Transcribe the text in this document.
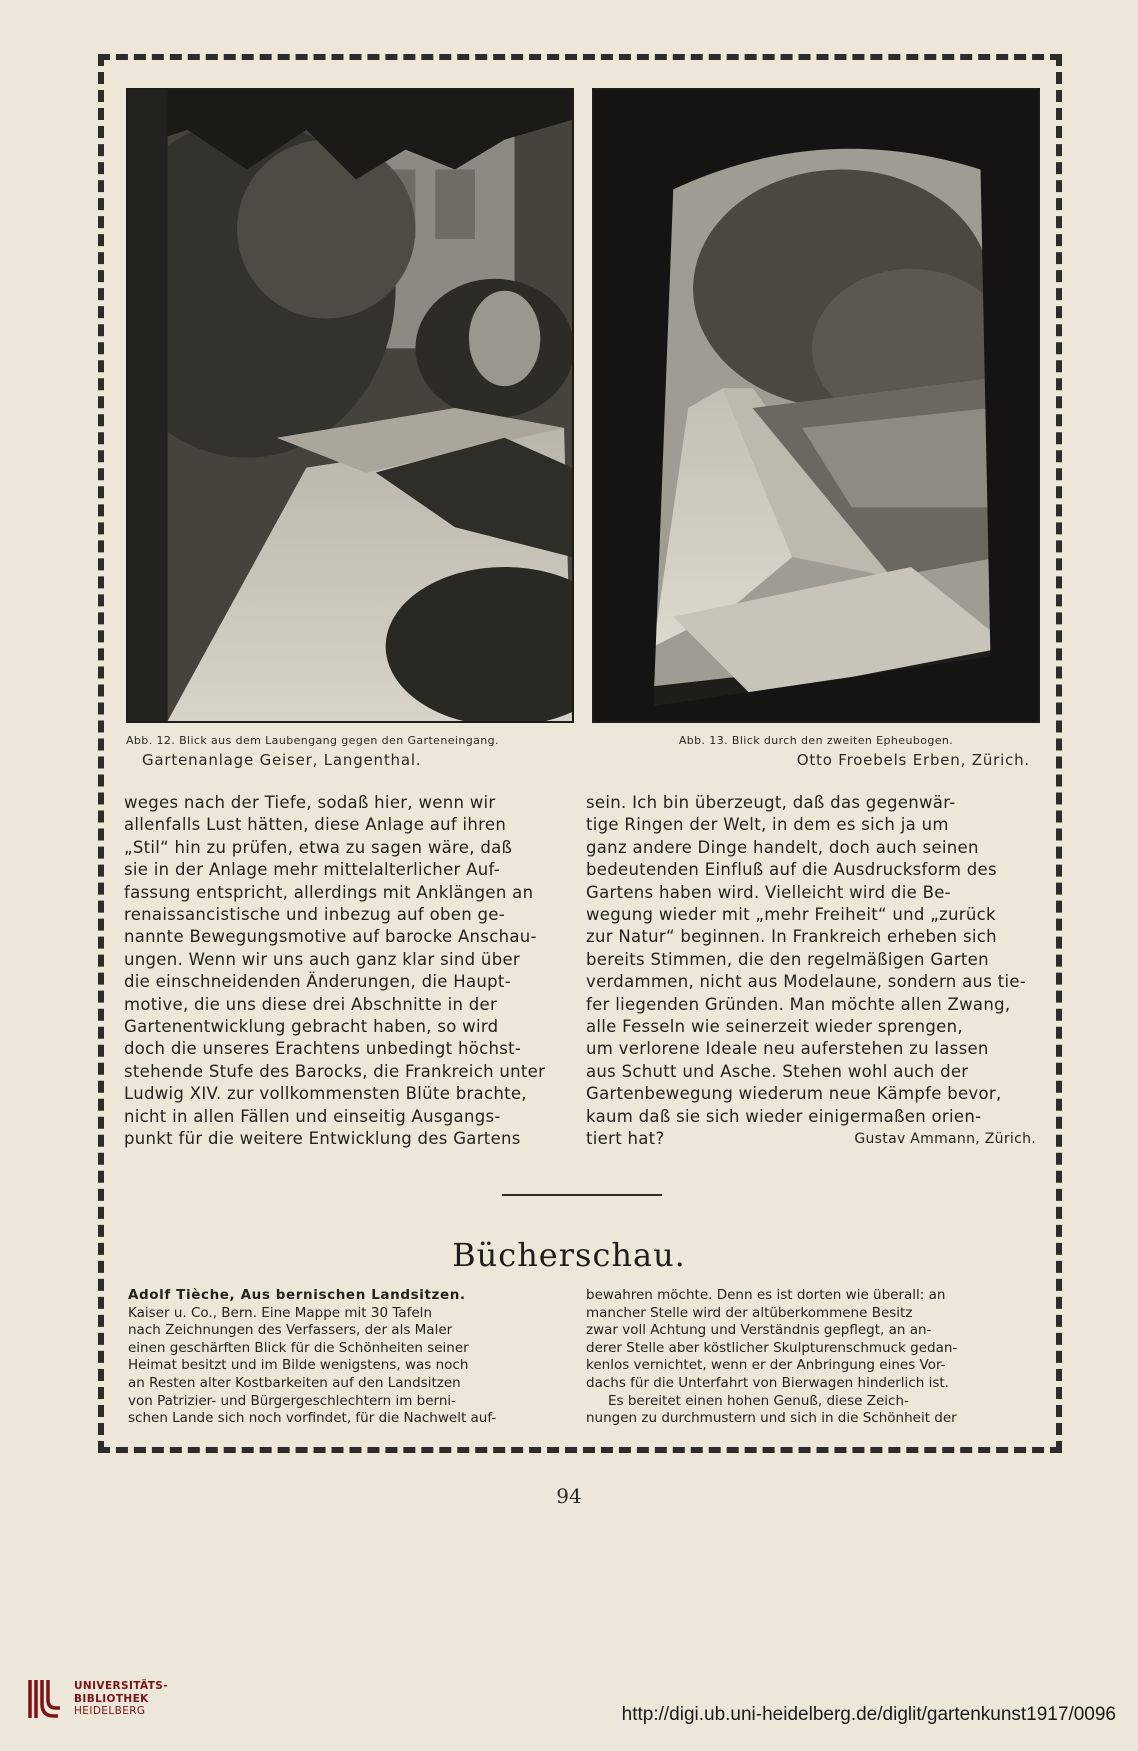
Abb. 12. Blick aus dem Laubengang gegen den Garteneingang.
Gartenanlage Geiser, Langenthal.
Abb. 13. Blick durch den zweiten Epheubogen.
Otto Froebels Erben, Zürich.

weges nach der Tiefe, sodaß hier, wenn wir

allenfalls Lust hätten, diese Anlage auf ihren

„Stil“ hin zu prüfen, etwa zu sagen wäre, daß

sie in der Anlage mehr mittelalterlicher Auf-

fassung entspricht, allerdings mit Anklängen an

renaissancistische und inbezug auf oben ge-

nannte Bewegungsmotive auf barocke Anschau-

ungen. Wenn wir uns auch ganz klar sind über

die einschneidenden Änderungen, die Haupt-

motive, die uns diese drei Abschnitte in der

Gartenentwicklung gebracht haben, so wird

doch die unseres Erachtens unbedingt höchst-

stehende Stufe des Barocks, die Frankreich unter

Ludwig XIV. zur vollkommensten Blüte brachte,

nicht in allen Fällen und einseitig Ausgangs-

punkt für die weitere Entwicklung des Gartens

sein. Ich bin überzeugt, daß das gegenwär-

tige Ringen der Welt, in dem es sich ja um

ganz andere Dinge handelt, doch auch seinen

bedeutenden Einfluß auf die Ausdrucksform des

Gartens haben wird. Vielleicht wird die Be-

wegung wieder mit „mehr Freiheit“ und „zurück

zur Natur“ beginnen. In Frankreich erheben sich

bereits Stimmen, die den regelmäßigen Garten

verdammen, nicht aus Modelaune, sondern aus tie-

fer liegenden Gründen. Man möchte allen Zwang,

alle Fesseln wie seinerzeit wieder sprengen,

um verlorene Ideale neu auferstehen zu lassen

aus Schutt und Asche. Stehen wohl auch der

Gartenbewegung wiederum neue Kämpfe bevor,

kaum daß sie sich wieder einigermaßen orien-

tiert hat?	Gustav Ammann, Zürich.
Bücherschau.

Adolf Tièche, Aus bernischen Landsitzen.

Kaiser u. Co., Bern. Eine Mappe mit 30 Tafeln

nach Zeichnungen des Verfassers, der als Maler

einen geschärften Blick für die Schönheiten seiner

Heimat besitzt und im Bilde wenigstens, was noch

an Resten alter Kostbarkeiten auf den Landsitzen

von Patrizier- und Bürgergeschlechtern im berni-

schen Lande sich noch vorfindet, für die Nachwelt auf-

bewahren möchte. Denn es ist dorten wie überall: an

mancher Stelle wird der altüberkommene Besitz

zwar voll Achtung und Verständnis gepflegt, an an-

derer Stelle aber köstlicher Skulpturenschmuck gedan-

kenlos vernichtet, wenn er der Anbringung eines Vor-

dachs für die Unterfahrt von Bierwagen hinderlich ist.

Es bereitet einen hohen Genuß, diese Zeich-

nungen zu durchmustern und sich in die Schönheit der

94
UNIVERSITÄTS-
BIBLIOTHEK
HEIDELBERG	http://digi.ub.uni-heidelberg.de/diglit/gartenkunst1917/0096
